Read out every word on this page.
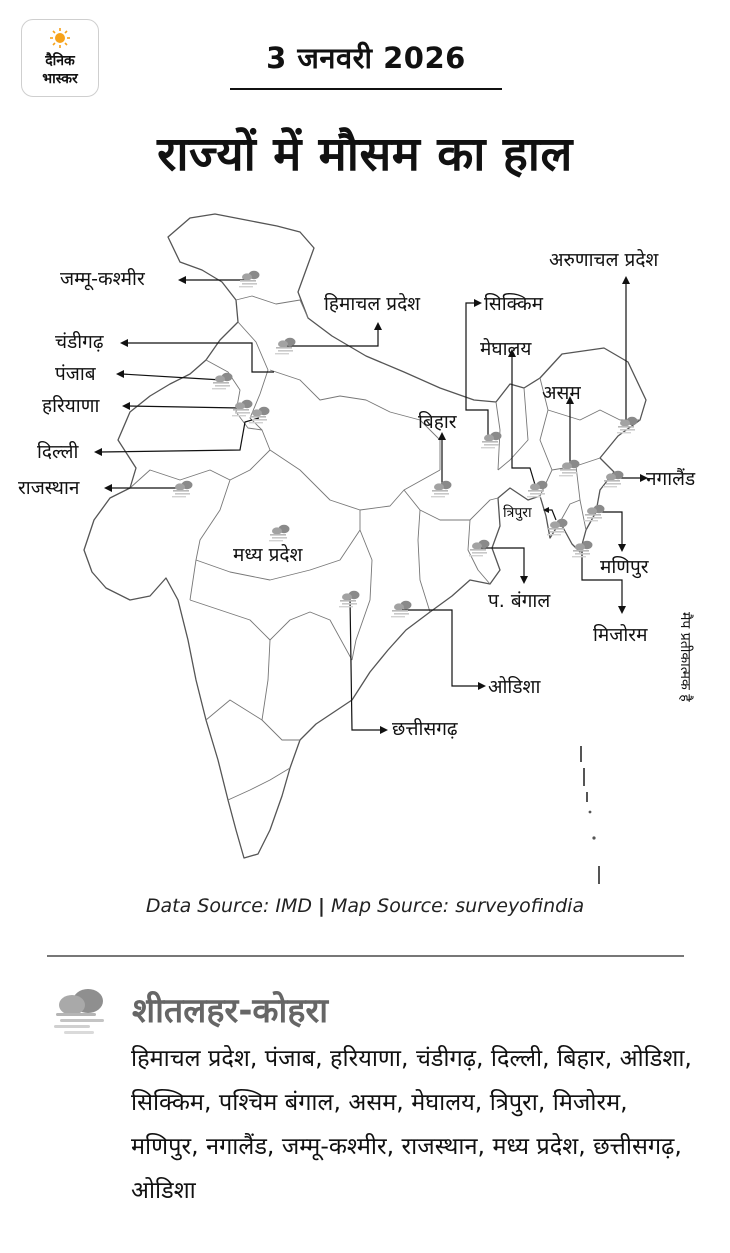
दैनिक
भास्कर
3 जनवरी 2026
राज्यों में मौसम का हाल
जम्मू-कश्मीर
हिमाचल प्रदेश	सिक्किम
अरुणाचल प्रदेश
चंडीगढ़	मेघालय
पंजाब
असम
हरियाणा
बिहार
दिल्ली
नगालैंड
राजस्थान
त्रिपुरा
मध्य प्रदेश
मणिपुर
प. बंगाल
मिजोरम
ओडिशा
छत्तीसगढ़
मैप प्रतीकात्मक है
Data Source: IMD | Map Source: surveyofindia
शीतलहर-कोहरा
हिमाचल प्रदेश, पंजाब, हरियाणा, चंडीगढ़, दिल्ली, बिहार, ओडिशा, सिक्किम, पश्चिम बंगाल, असम, मेघालय, त्रिपुरा, मिजोरम, मणिपुर, नगालैंड, जम्मू-कश्मीर, राजस्थान, मध्य प्रदेश, छत्तीसगढ़, ओडिशा
